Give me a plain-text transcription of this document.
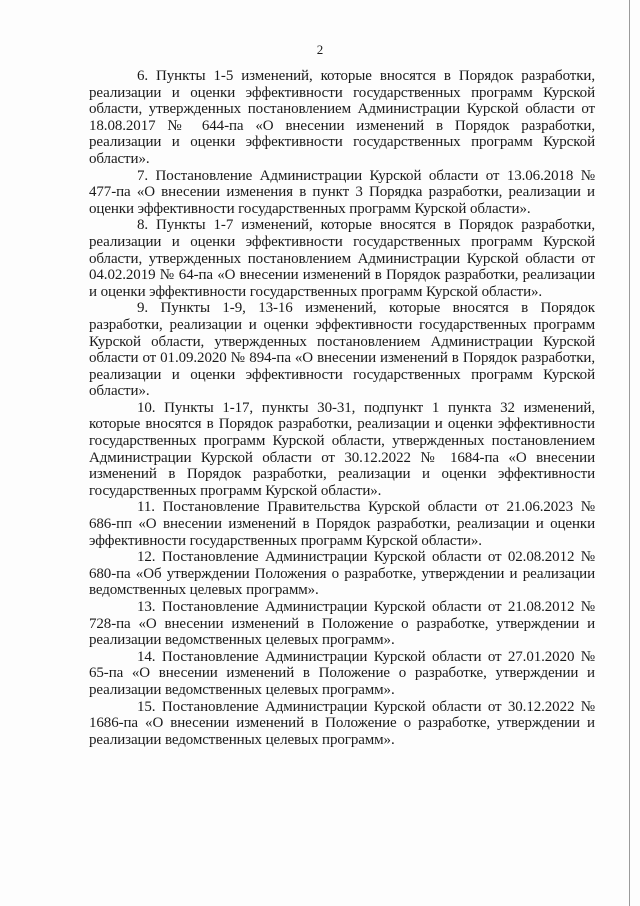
2

6. Пункты 1-5 изменений, которые вносятся в Порядок разработки, реализации и оценки эффективности государственных программ Курской области, утвержденных постановлением Администрации Курской области от 18.08.2017 № 644-па «О внесении изменений в Порядок разработки, реализации и оценки эффективности государственных программ Курской области».

7. Постановление Администрации Курской области от 13.06.2018 № 477-па «О внесении изменения в пункт 3 Порядка разработки, реализации и оценки эффективности государственных программ Курской области».

8. Пункты 1-7 изменений, которые вносятся в Порядок разработки, реализации и оценки эффективности государственных программ Курской области, утвержденных постановлением Администрации Курской области от 04.02.2019 № 64-па «О внесении изменений в Порядок разработки, реализации и оценки эффективности государственных программ Курской области».

9. Пункты 1-9, 13-16 изменений, которые вносятся в Порядок разработки, реализации и оценки эффективности государственных программ Курской области, утвержденных постановлением Администрации Курской области от 01.09.2020 № 894-па «О внесении изменений в Порядок разработки, реализации и оценки эффективности государственных программ Курской области».

10. Пункты 1-17, пункты 30-31, подпункт 1 пункта 32 изменений, которые вносятся в Порядок разработки, реализации и оценки эффективности государственных программ Курской области, утвержденных постановлением Администрации Курской области от 30.12.2022 № 1684-па «О внесении изменений в Порядок разработки, реализации и оценки эффективности государственных программ Курской области».

11. Постановление Правительства Курской области от 21.06.2023 № 686-пп «О внесении изменений в Порядок разработки, реализации и оценки эффективности государственных программ Курской области».

12. Постановление Администрации Курской области от 02.08.2012 № 680-па «Об утверждении Положения о разработке, утверждении и реализации ведомственных целевых программ».

13. Постановление Администрации Курской области от 21.08.2012 № 728-па «О внесении изменений в Положение о разработке, утверждении и реализации ведомственных целевых программ».

14. Постановление Администрации Курской области от 27.01.2020 № 65-па «О внесении изменений в Положение о разработке, утверждении и реализации ведомственных целевых программ».

15. Постановление Администрации Курской области от 30.12.2022 № 1686-па «О внесении изменений в Положение о разработке, утверждении и реализации ведомственных целевых программ».
